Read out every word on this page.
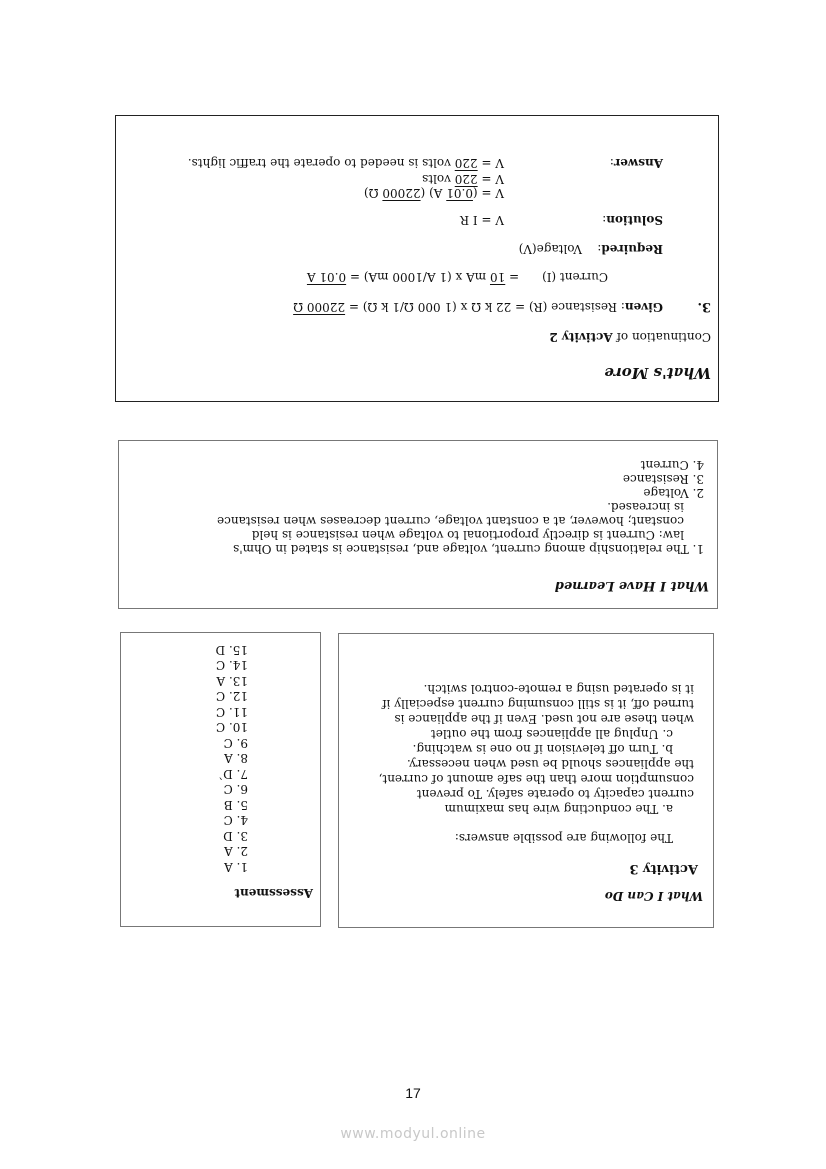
What's More
Continuation of Activity 2
3.
Given: Resistance (R) = 22 k Ω x (1 000 Ω/1 k Ω) = 22000 Ω
Current (I)      = 10 mA x (1 A/1000 mA) = 0.01 A
Required:    Voltage(V)
Solution:
V = I R
V = (0.01 A) (22000 Ω)
V = 220 volts
Answer:
V = 220 volts is needed to operate the traffic lights.
What I Have Learned
1. The relationship among current, voltage and, resistance is stated in Ohm's
law: Current is directly proportional to voltage when resistance is held
constant; however, at a constant voltage, current decreases when resistance
is increased.
2. Voltage
3. Resistance
4. Current
What I Can Do
Activity 3
The following are possible answers:
a. The conducting wire has maximum
current capacity to operate safely. To prevent
consumption more than the safe amount of current,
the appliances should be used when necessary.
b. Turn off television if no one is watching.
c. Unplug all appliances from the outlet
when these are not used. Even if the appliance is
turned off, it is still consuming current especially if
it is operated using a remote-control switch.
Assessment
1. A
2. A
3. D
4. C
5. B
6. C
7. D`
8. A
9. C
10. C
11. C
12. C
13. A
14. C
15. D
17
www.modyul.online
